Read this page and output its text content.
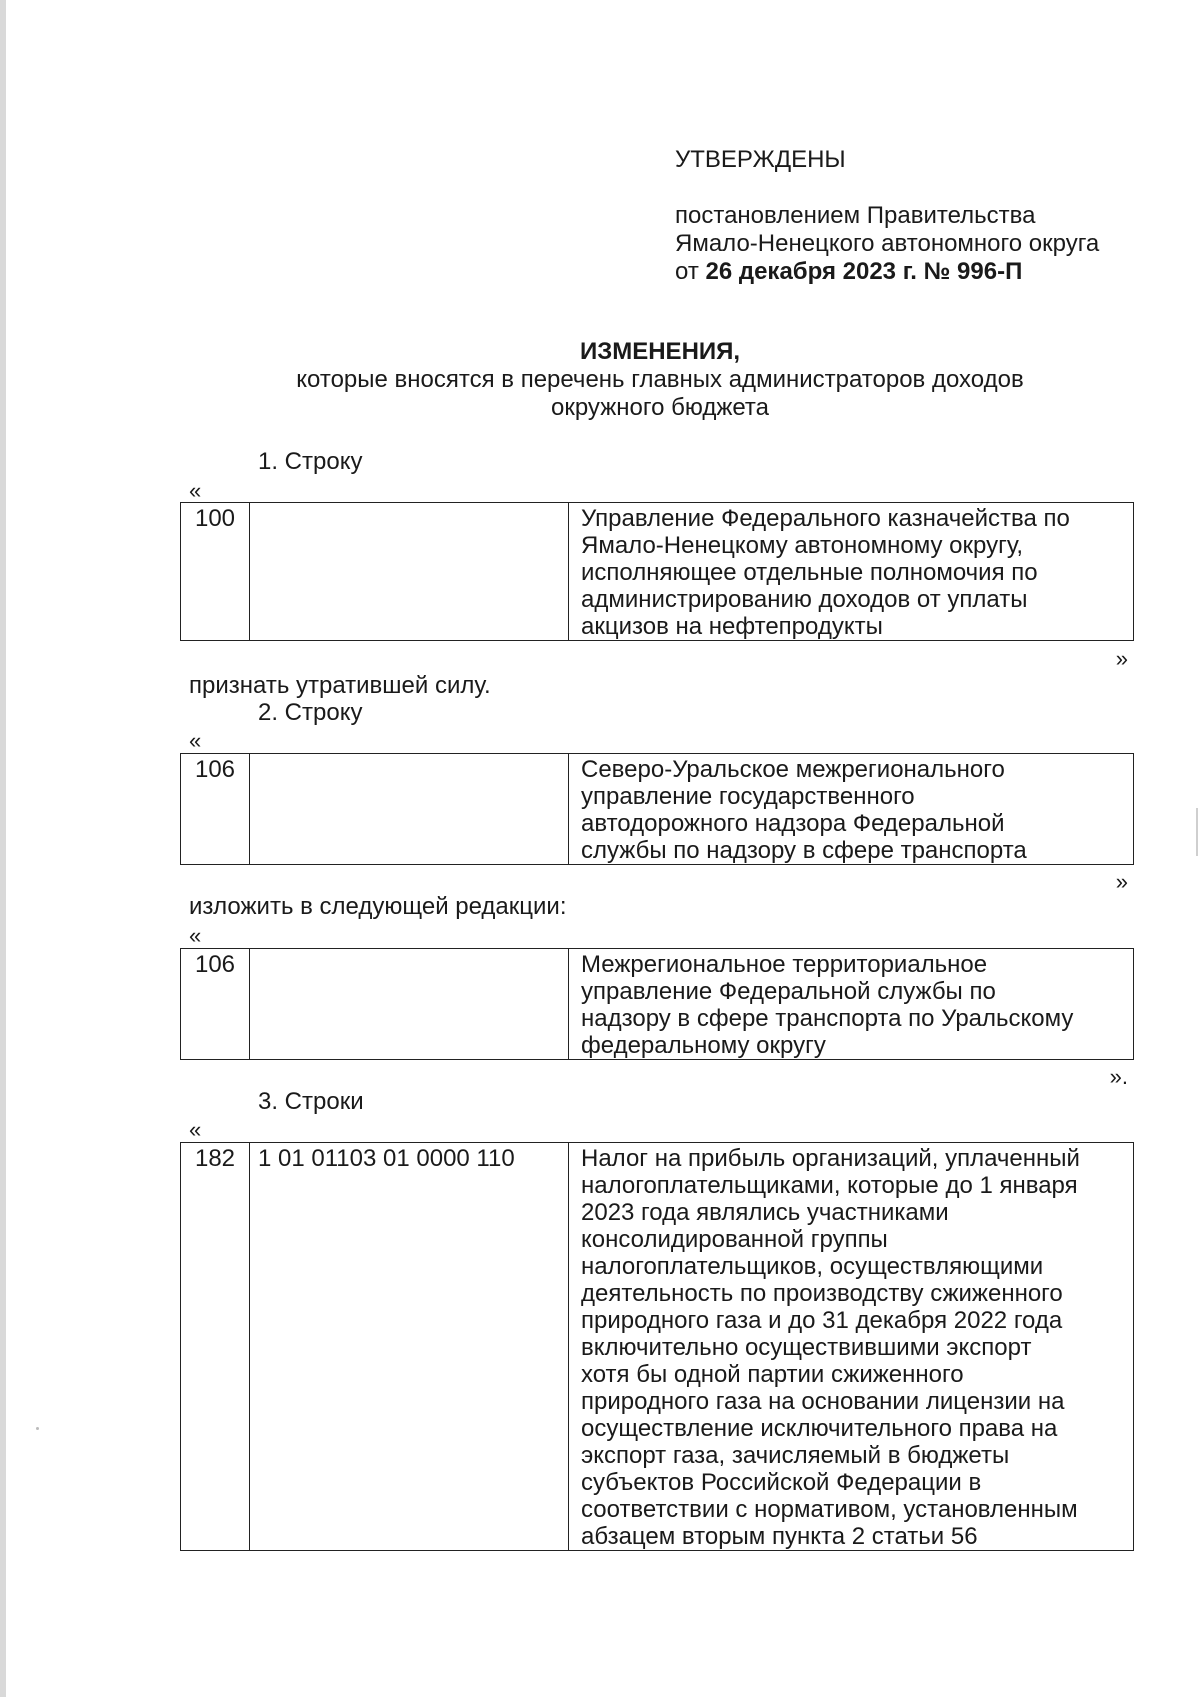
УТВЕРЖДЕНЫ

постановлением Правительства

Ямало-Ненецкого автономного округа

от 26 декабря 2023 г. № 996-П

ИЗМЕНЕНИЯ,

которые вносятся в перечень главных администраторов доходов

окружного бюджета

1. Строку

«

100		Управление Федерального казначейства по
Ямало-Ненецкому автономному округу,
исполняющее отдельные полномочия по
администрированию доходов от уплаты
акцизов на нефтепродукты

»

признать утратившей силу.

2. Строку

«

106		Северо-Уральское межрегионального
управление государственного
автодорожного надзора Федеральной
службы по надзору в сфере транспорта

»

изложить в следующей редакции:

«

106		Межрегиональное территориальное
управление Федеральной службы по
надзору в сфере транспорта по Уральскому
федеральному округу

».

3. Строки

«

182	1 01 01103 01 0000 110	Налог на прибыль организаций, уплаченный
налогоплательщиками, которые до 1 января
2023 года являлись участниками
консолидированной группы
налогоплательщиков, осуществляющими
деятельность по производству сжиженного
природного газа и до 31 декабря 2022 года
включительно осуществившими экспорт
хотя бы одной партии сжиженного
природного газа на основании лицензии на
осуществление исключительного права на
экспорт газа, зачисляемый в бюджеты
субъектов Российской Федерации в
соответствии с нормативом, установленным
абзацем вторым пункта 2 статьи 56
